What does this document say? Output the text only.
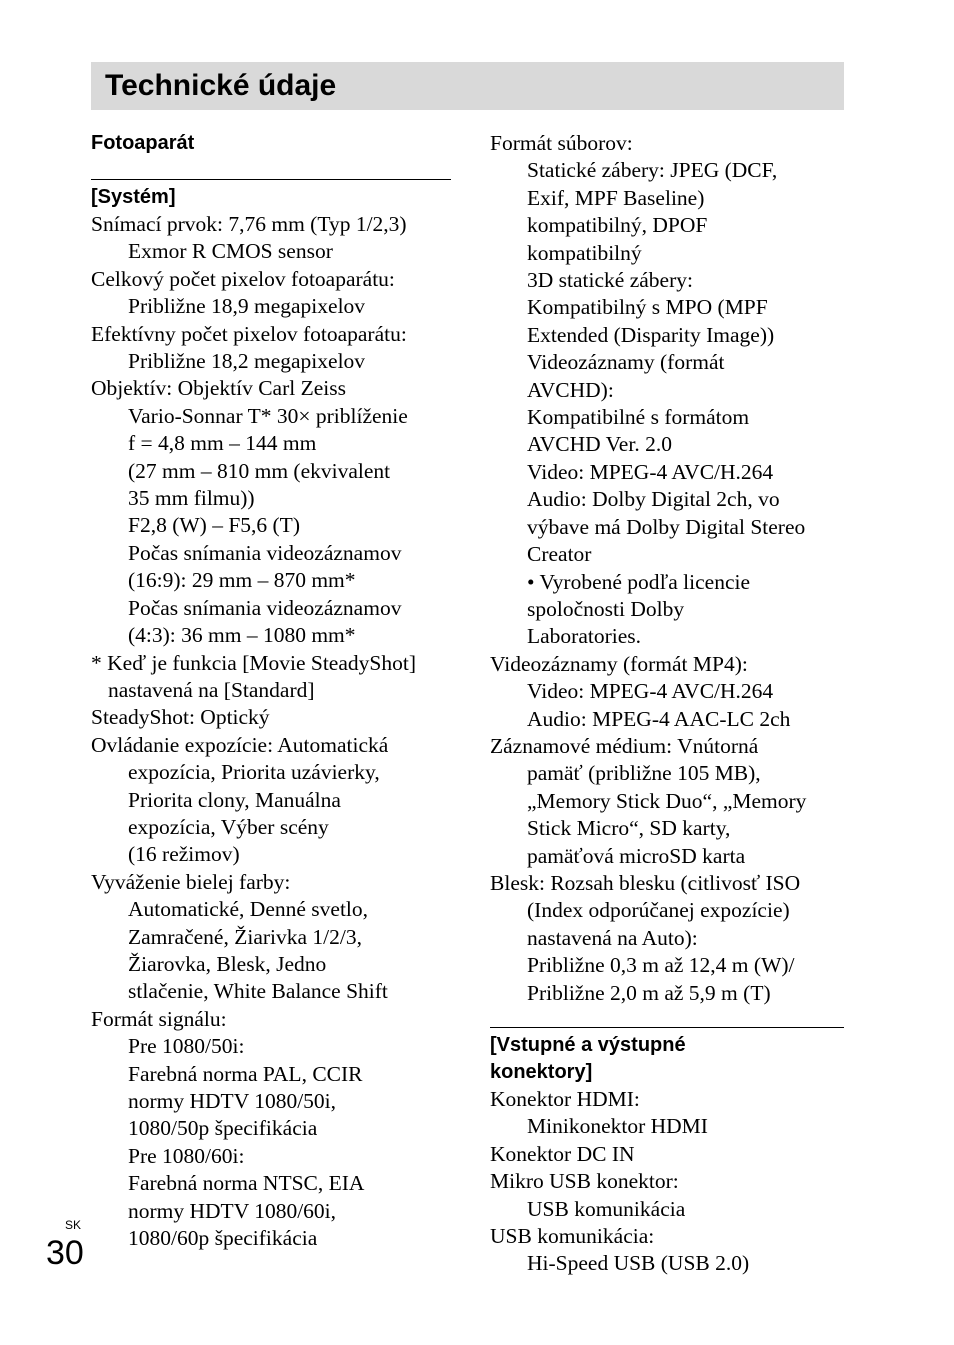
Technické údaje
Fotoaparát
[Systém]
Snímací prvok: 7,76 mm (Typ 1/2,3)
Exmor R CMOS sensor
Celkový počet pixelov fotoaparátu:
Približne 18,9 megapixelov
Efektívny počet pixelov fotoaparátu:
Približne 18,2 megapixelov
Objektív: Objektív Carl Zeiss
Vario-Sonnar T* 30× priblíženie
f = 4,8 mm – 144 mm
(27 mm – 810 mm (ekvivalent
35 mm filmu))
F2,8 (W) – F5,6 (T)
Počas snímania videozáznamov
(16:9): 29 mm – 870 mm*
Počas snímania videozáznamov
(4:3): 36 mm – 1080 mm*
* Keď je funkcia [Movie SteadyShot]
nastavená na [Standard]
SteadyShot: Optický
Ovládanie expozície: Automatická
expozícia, Priorita uzávierky,
Priorita clony, Manuálna
expozícia, Výber scény
(16 režimov)
Vyváženie bielej farby:
Automatické, Denné svetlo,
Zamračené, Žiarivka 1/2/3,
Žiarovka, Blesk, Jedno
stlačenie, White Balance Shift
Formát signálu:
Pre 1080/50i:
Farebná norma PAL, CCIR
normy HDTV 1080/50i,
1080/50p špecifikácia
Pre 1080/60i:
Farebná norma NTSC, EIA
normy HDTV 1080/60i,
1080/60p špecifikácia
Formát súborov:
Statické zábery: JPEG (DCF,
Exif, MPF Baseline)
kompatibilný, DPOF
kompatibilný
3D statické zábery:
Kompatibilný s MPO (MPF
Extended (Disparity Image))
Videozáznamy (formát
AVCHD):
Kompatibilné s formátom
AVCHD Ver. 2.0
Video: MPEG-4 AVC/H.264
Audio: Dolby Digital 2ch, vo
výbave má Dolby Digital Stereo
Creator
• Vyrobené podľa licencie
spoločnosti Dolby
Laboratories.
Videozáznamy (formát MP4):
Video: MPEG-4 AVC/H.264
Audio: MPEG-4 AAC-LC 2ch
Záznamové médium: Vnútorná
pamäť (približne 105 MB),
„Memory Stick Duo“, „Memory
Stick Micro“, SD karty,
pamäťová microSD karta
Blesk: Rozsah blesku (citlivosť ISO
(Index odporúčanej expozície)
nastavená na Auto):
Približne 0,3 m až 12,4 m (W)/
Približne 2,0 m až 5,9 m (T)
[Vstupné a výstupné
konektory]
Konektor HDMI:
Minikonektor HDMI
Konektor DC IN
Mikro USB konektor:
USB komunikácia
USB komunikácia:
Hi-Speed USB (USB 2.0)
SK
30
